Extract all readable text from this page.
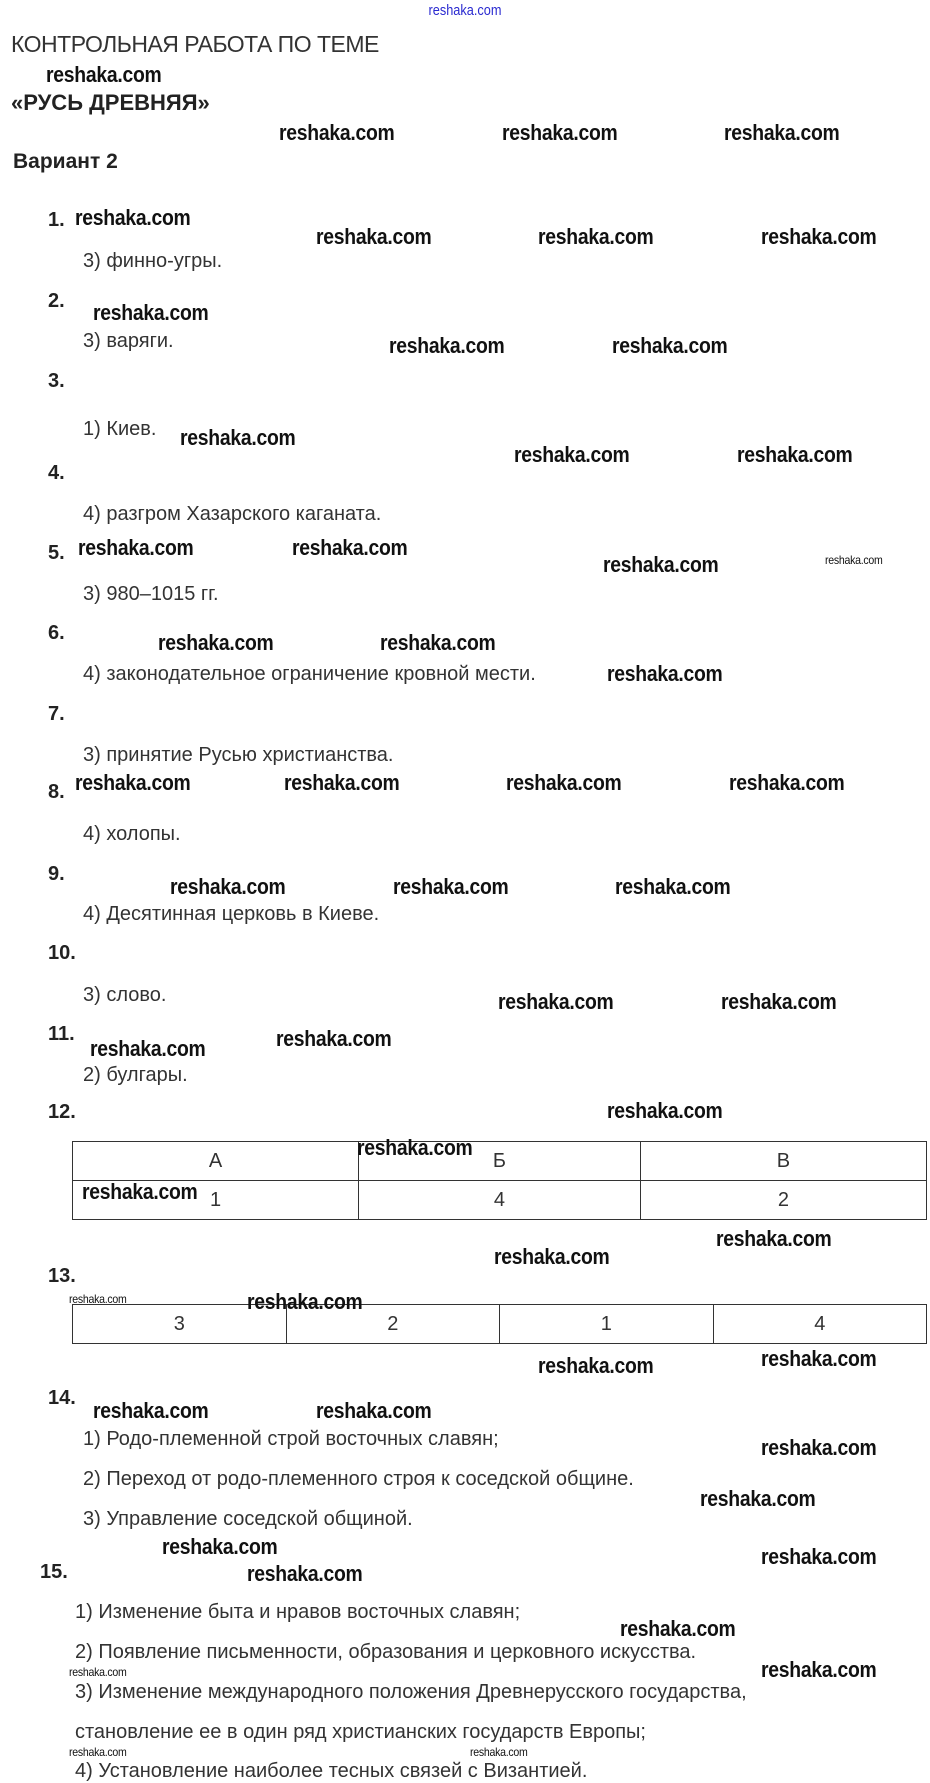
reshaka.com
КОНТРОЛЬНАЯ РАБОТА ПО ТЕМЕ
«РУСЬ ДРЕВНЯЯ»
Вариант 2
1.
3) финно-угры.
2.
3) варяги.
3.
1) Киев.
4.
4) разгром Хазарского каганата.
5.
3) 980–1015 гг.
6.
4) законодательное ограничение кровной мести.
7.
3) принятие Русью христианства.
8.
4) холопы.
9.
4) Десятинная церковь в Киеве.
10.
3) слово.
11.
2) булгары.
12.
А	Б	В
1	4	2
13.
3	2	1	4
14.
1) Родо-племенной строй восточных славян;
2) Переход от родо-племенного строя к соседской общине.
3) Управление соседской общиной.
15.
1) Изменение быта и нравов восточных славян;
2) Появление письменности, образования и церковного искусства.
3) Изменение международного положения Древнерусского государства,
становление ее в один ряд христианских государств Европы;
4) Установление наиболее тесных связей с Византией.
reshaka.com
reshaka.com	reshaka.com	reshaka.com
reshaka.com
reshaka.com	reshaka.com	reshaka.com
reshaka.com
reshaka.com	reshaka.com
reshaka.com
reshaka.com	reshaka.com
reshaka.com	reshaka.com
reshaka.com	reshaka.com
reshaka.com	reshaka.com
reshaka.com
reshaka.com	reshaka.com	reshaka.com	reshaka.com
reshaka.com	reshaka.com	reshaka.com
reshaka.com	reshaka.com
reshaka.com
reshaka.com
reshaka.com
reshaka.com
reshaka.com
reshaka.com
reshaka.com
reshaka.com	reshaka.com
reshaka.com
reshaka.com
reshaka.com	reshaka.com
reshaka.com
reshaka.com
reshaka.com	reshaka.com
reshaka.com
reshaka.com
reshaka.com
reshaka.com
reshaka.com	reshaka.com
